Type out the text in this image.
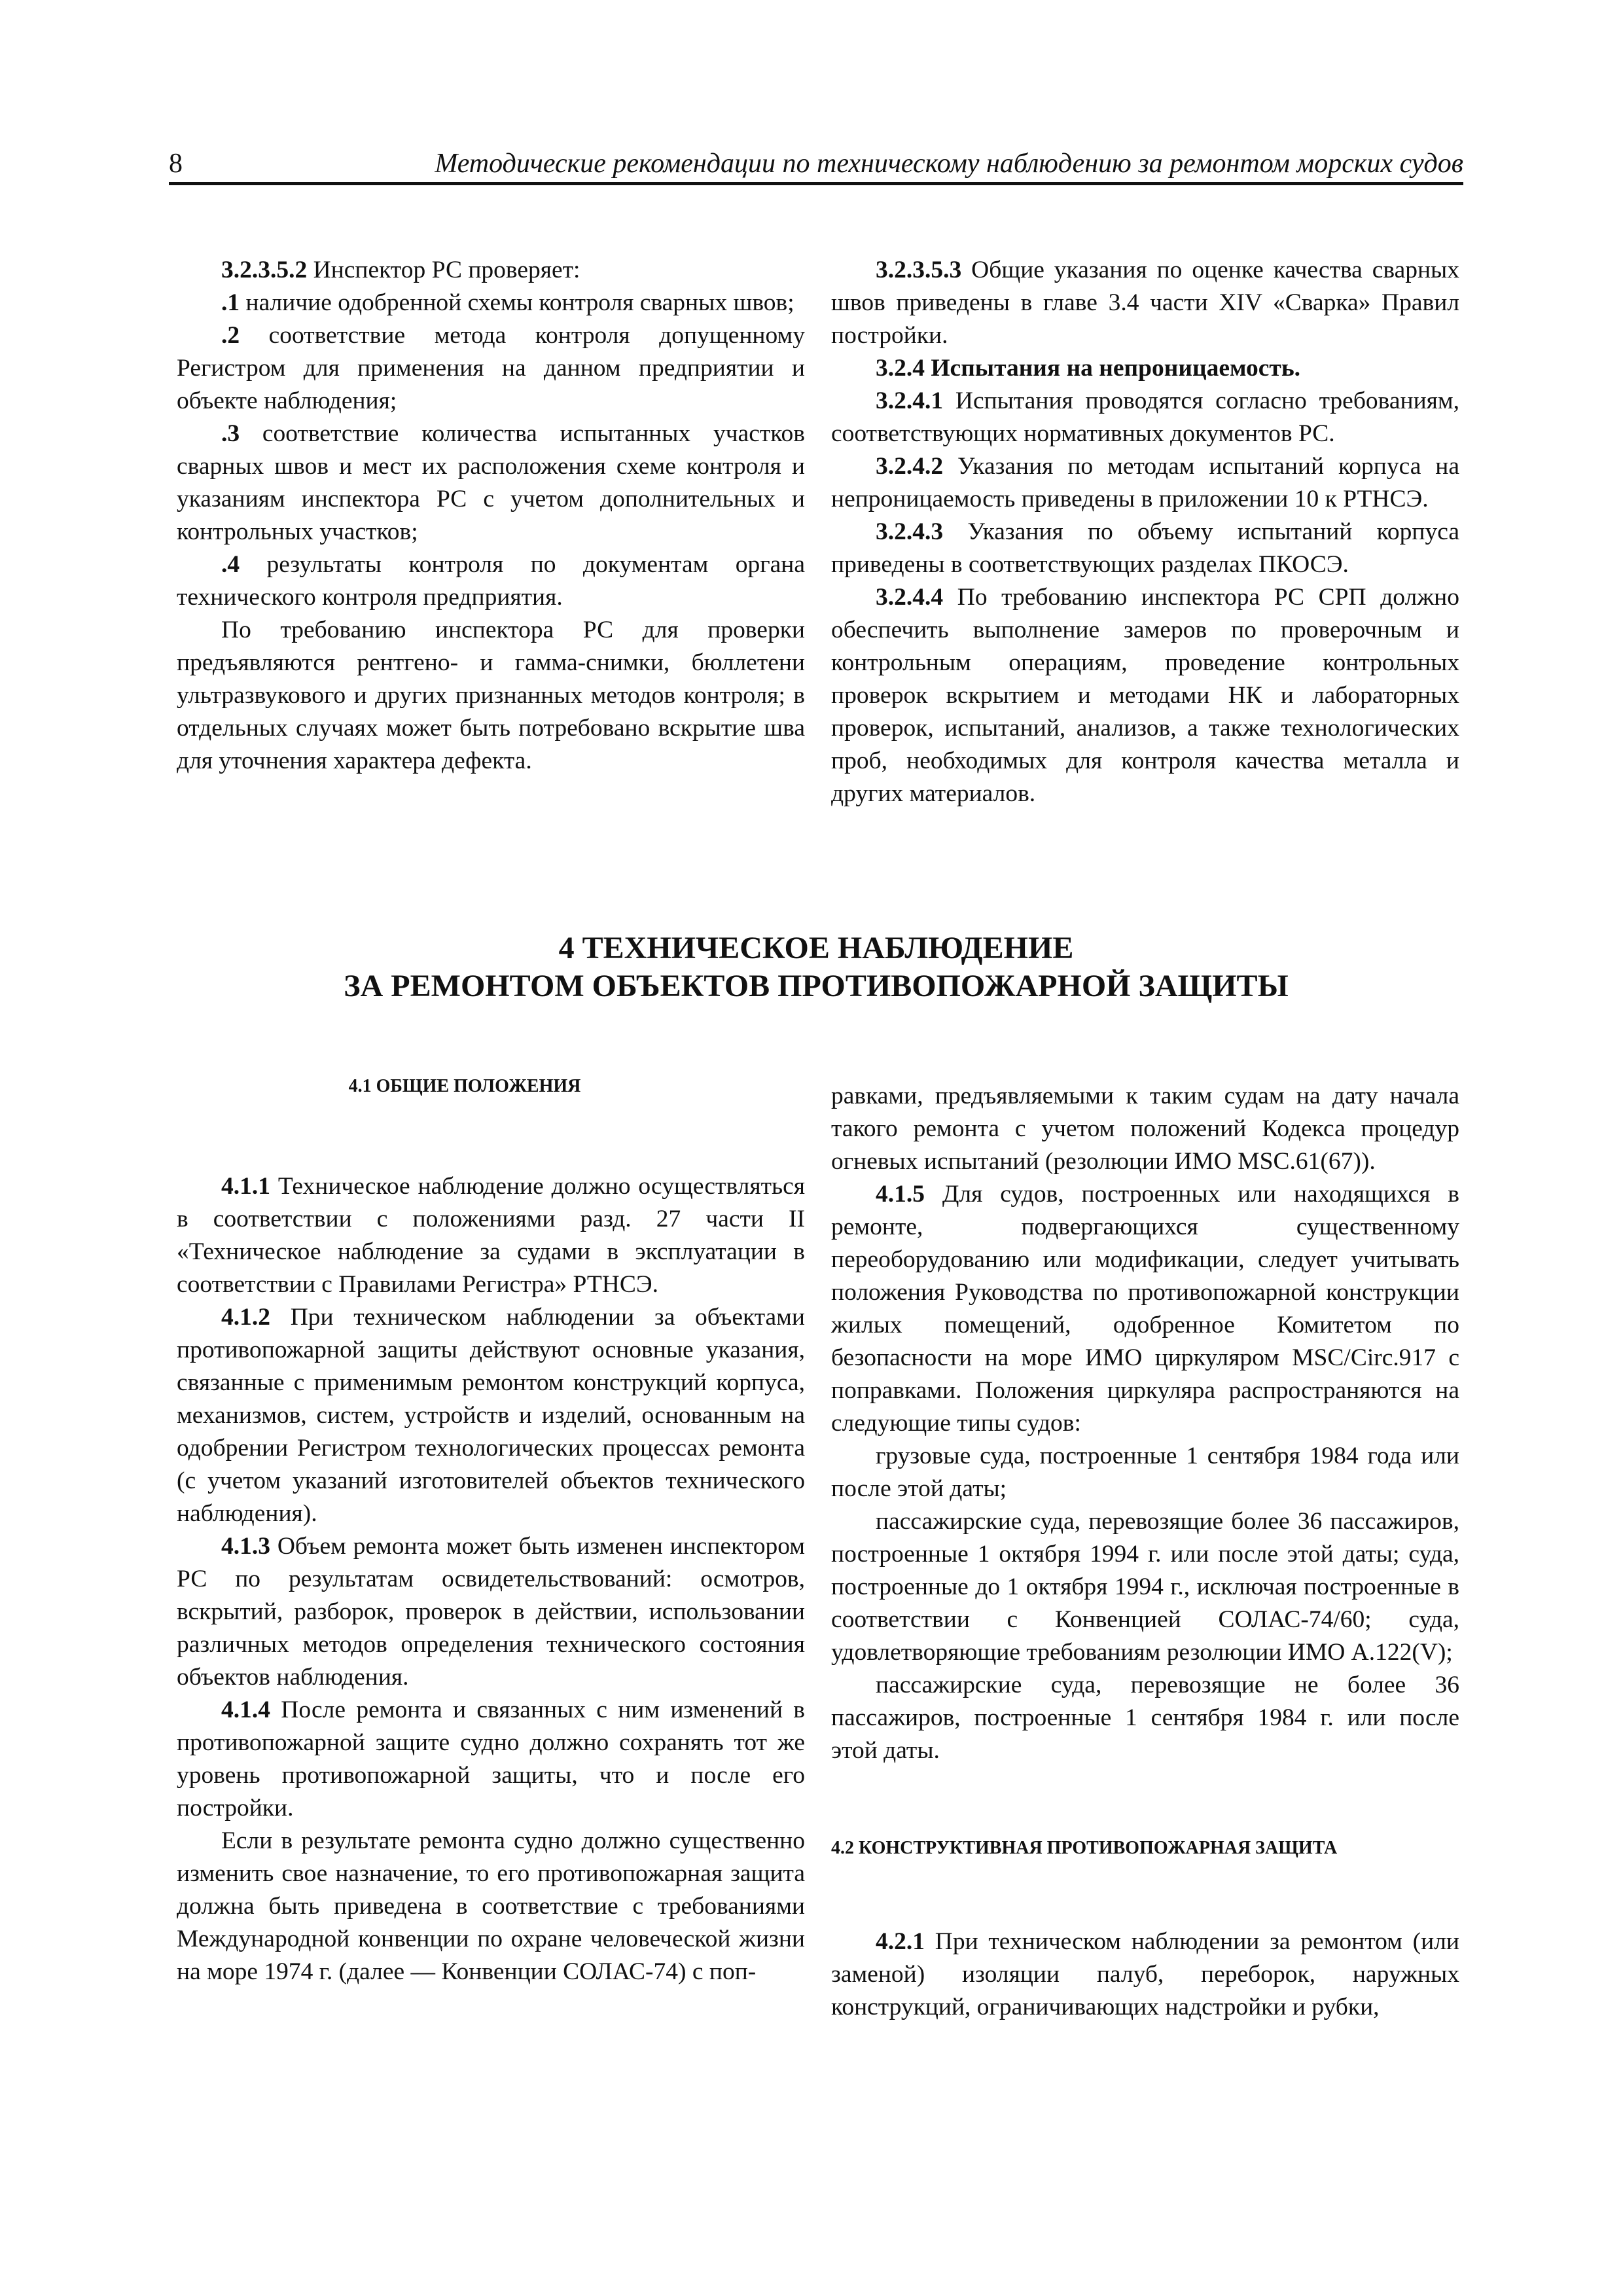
8	Методические рекомендации по техническому наблюдению за ремонтом морских судов

3.2.3.5.2 Инспектор РС проверяет:

.1 наличие одобренной схемы контроля сварных швов;

.2 соответствие метода контроля допущенному Регистром для применения на данном предприятии и объекте наблюдения;

.3 соответствие количества испытанных участков сварных швов и мест их расположения схеме контроля и указаниям инспектора РС с учетом дополнительных и контрольных участков;

.4 результаты контроля по документам органа технического контроля предприятия.

По требованию инспектора РС для проверки предъявляются рентгено- и гамма-снимки, бюллетени ультразвукового и других признанных методов контроля; в отдельных случаях может быть потребовано вскрытие шва для уточнения характера дефекта.

3.2.3.5.3 Общие указания по оценке качества сварных швов приведены в главе 3.4 части XIV «Сварка» Правил постройки.

3.2.4 Испытания на непроницаемость.

3.2.4.1 Испытания проводятся согласно требованиям, соответствующих нормативных документов РС.

3.2.4.2 Указания по методам испытаний корпуса на непроницаемость приведены в приложении 10 к РТНСЭ.

3.2.4.3 Указания по объему испытаний корпуса приведены в соответствующих разделах ПКОСЭ.

3.2.4.4 По требованию инспектора РС СРП должно обеспечить выполнение замеров по проверочным и контрольным операциям, проведение контрольных проверок вскрытием и методами НК и лабораторных проверок, испытаний, анализов, а также технологических проб, необходимых для контроля качества металла и других материалов.

4 ТЕХНИЧЕСКОЕ НАБЛЮДЕНИЕ
ЗА РЕМОНТОМ ОБЪЕКТОВ ПРОТИВОПОЖАРНОЙ ЗАЩИТЫ

4.1 ОБЩИЕ ПОЛОЖЕНИЯ

4.1.1 Техническое наблюдение должно осуществляться в соответствии с положениями разд. 27 части II «Техническое наблюдение за судами в эксплуатации в соответствии с Правилами Регистра» РТНСЭ.

4.1.2 При техническом наблюдении за объектами противопожарной защиты действуют основные указания, связанные с применимым ремонтом конструкций корпуса, механизмов, систем, устройств и изделий, основанным на одобрении Регистром технологических процессах ремонта (с учетом указаний изготовителей объектов технического наблюдения).

4.1.3 Объем ремонта может быть изменен инспектором РС по результатам освидетельствований: осмотров, вскрытий, разборок, проверок в действии, использовании различных методов определения технического состояния объектов наблюдения.

4.1.4 После ремонта и связанных с ним изменений в противопожарной защите судно должно сохранять тот же уровень противопожарной защиты, что и после его постройки.

Если в результате ремонта судно должно существенно изменить свое назначение, то его противопожарная защита должна быть приведена в соответствие с требованиями Международной конвенции по охране человеческой жизни на море 1974 г. (далее — Конвенции СОЛАС-74) с поп-

равками, предъявляемыми к таким судам на дату начала такого ремонта с учетом положений Кодекса процедур огневых испытаний (резолюции ИМО MSC.61(67)).

4.1.5 Для судов, построенных или находящихся в ремонте, подвергающихся существенному переоборудованию или модификации, следует учитывать положения Руководства по противопожарной конструкции жилых помещений, одобренное Комитетом по безопасности на море ИМО циркуляром MSC/Circ.917 с поправками. Положения циркуляра распространяются на следующие типы судов:

грузовые суда, построенные 1 сентября 1984 года или после этой даты;

пассажирские суда, перевозящие более 36 пассажиров, построенные 1 октября 1994 г. или после этой даты; суда, построенные до 1 октября 1994 г., исключая построенные в соответствии с Конвенцией СОЛАС-74/60; суда, удовлетворяющие требованиям резолюции ИМО А.122(V);

пассажирские суда, перевозящие не более 36 пассажиров, построенные 1 сентября 1984 г. или после этой даты.

4.2 КОНСТРУКТИВНАЯ ПРОТИВОПОЖАРНАЯ ЗАЩИТА

4.2.1 При техническом наблюдении за ремонтом (или заменой) изоляции палуб, переборок, наружных конструкций, ограничивающих надстройки и рубки,
